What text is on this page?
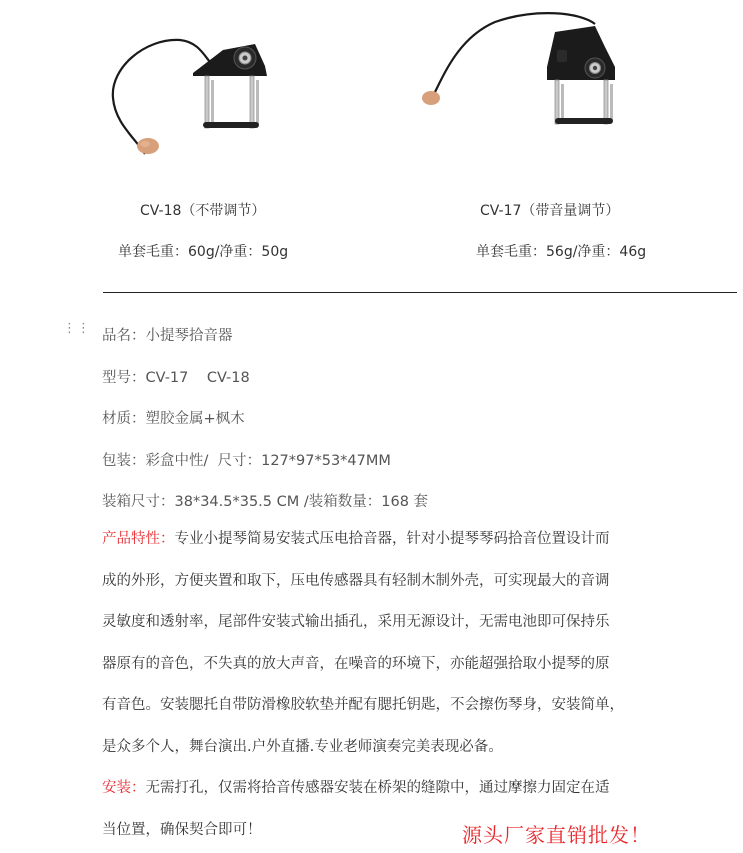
CV-18（不带调节）	CV-17（带音量调节）
单套毛重：60g/净重：50g	单套毛重：56g/净重：46g
⋮⋮ 品名：小提琴拾音器
型号：CV-17    CV-18
材质：塑胶金属+枫木
包装：彩盒中性/  尺寸：127*97*53*47MM
装箱尺寸：38*34.5*35.5 CM /装箱数量：168 套
产品特性：专业小提琴简易安装式压电拾音器，针对小提琴琴码拾音位置设计而
成的外形，方便夹置和取下，压电传感器具有轻制木制外壳，可实现最大的音调
灵敏度和透射率，尾部件安装式输出插孔，采用无源设计，无需电池即可保持乐
器原有的音色，不失真的放大声音，在噪音的环境下，亦能超强拾取小提琴的原
有音色。安装腮托自带防滑橡胶软垫并配有腮托钥匙，不会擦伤琴身，安装简单，
是众多个人，舞台演出.户外直播.专业老师演奏完美表现必备。
安装：无需打孔，仅需将拾音传感器安装在桥架的缝隙中，通过摩擦力固定在适
当位置，确保契合即可！	源头厂家直销批发！
